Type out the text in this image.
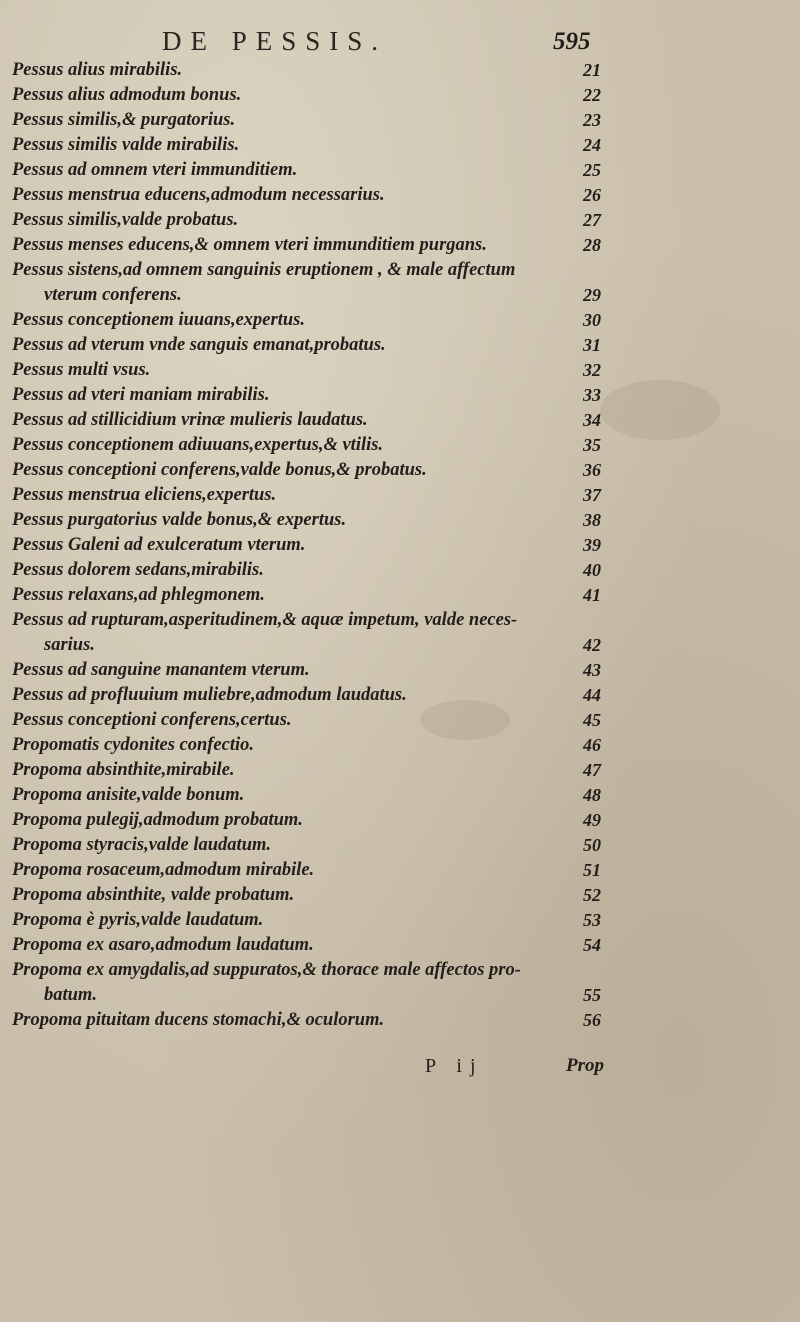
DE PESSIS.	595
Pessus alius mirabilis.	21
Pessus alius admodum bonus.	22
Pessus similis,& purgatorius.	23
Pessus similis valde mirabilis.	24
Pessus ad omnem vteri immunditiem.	25
Pessus menstrua educens,admodum necessarius.	26
Pessus similis,valde probatus.	27
Pessus menses educens,& omnem vteri immunditiem purgans.	28
Pessus sistens,ad omnem sanguinis eruptionem , & male affectum
vterum conferens.	29
Pessus conceptionem iuuans,expertus.	30
Pessus ad vterum vnde sanguis emanat,probatus.	31
Pessus multi vsus.	32
Pessus ad vteri maniam mirabilis.	33
Pessus ad stillicidium vrinæ mulieris laudatus.	34
Pessus conceptionem adiuuans,expertus,& vtilis.	35
Pessus conceptioni conferens,valde bonus,& probatus.	36
Pessus menstrua eliciens,expertus.	37
Pessus purgatorius valde bonus,& expertus.	38
Pessus Galeni ad exulceratum vterum.	39
Pessus dolorem sedans,mirabilis.	40
Pessus relaxans,ad phlegmonem.	41
Pessus ad rupturam,asperitudinem,& aquæ impetum, valde neces-
sarius.	42
Pessus ad sanguine manantem vterum.	43
Pessus ad profluuium muliebre,admodum laudatus.	44
Pessus conceptioni conferens,certus.	45
Propomatis cydonites confectio.	46
Propoma absinthite,mirabile.	47
Propoma anisite,valde bonum.	48
Propoma pulegij,admodum probatum.	49
Propoma styracis,valde laudatum.	50
Propoma rosaceum,admodum mirabile.	51
Propoma absinthite, valde probatum.	52
Propoma è pyris,valde laudatum.	53
Propoma ex asaro,admodum laudatum.	54
Propoma ex amygdalis,ad suppuratos,& thorace male affectos pro-
batum.	55
Propoma pituitam ducens stomachi,& oculorum.	56
P ij	Prop
